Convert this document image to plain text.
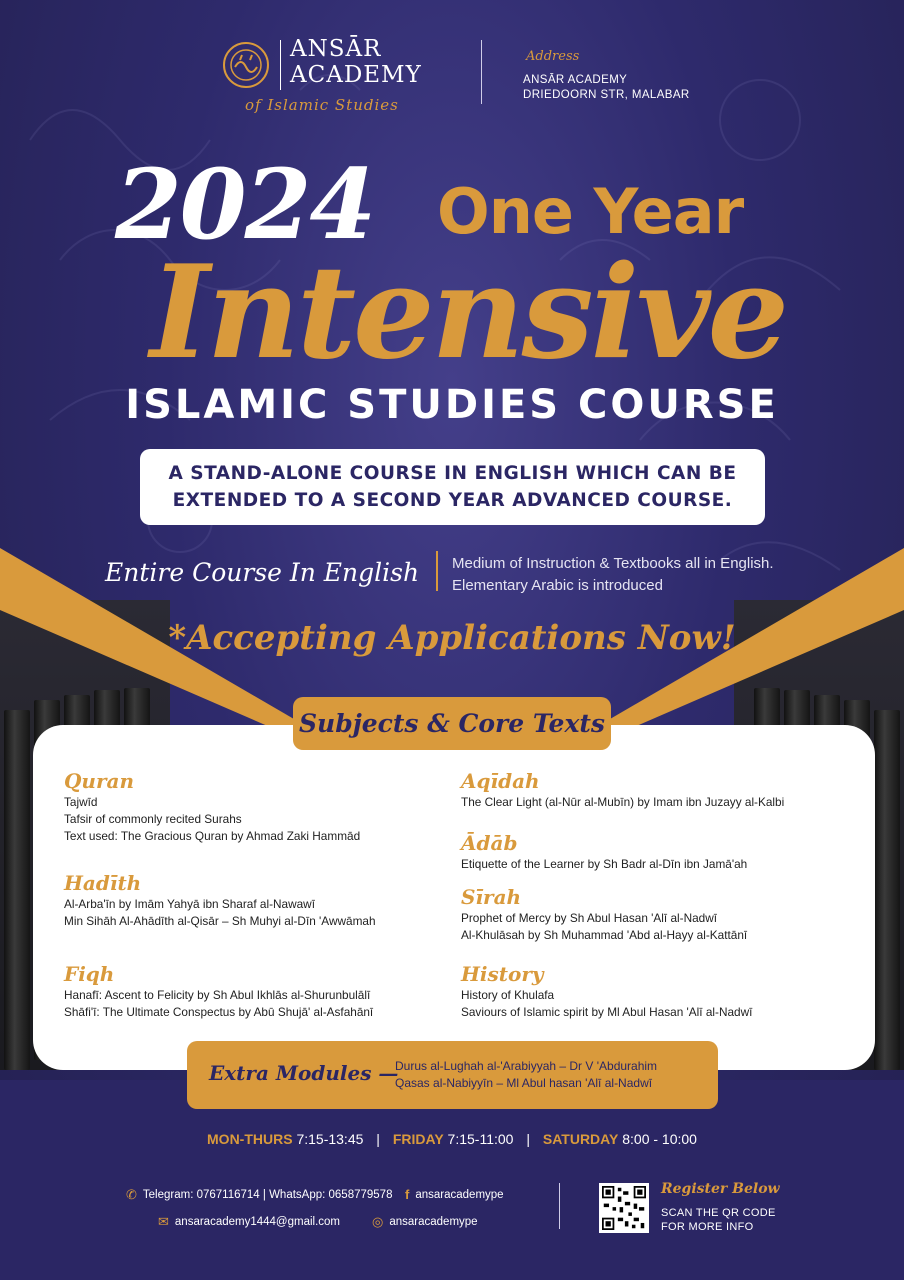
ANSĀR
ACADEMY
of Islamic Studies
Address
ANSĀR ACADEMY
DRIEDOORN STR, MALABAR
2024 One Year
Intensive
ISLAMIC STUDIES COURSE
A STAND-ALONE COURSE IN ENGLISH WHICH CAN BE
EXTENDED TO A SECOND YEAR ADVANCED COURSE.
Entire Course In English Medium of Instruction & Textbooks all in English.
Elementary Arabic is introduced
*Accepting Applications Now!
Subjects & Core Texts
Quran
Tajwīd
Tafsir of commonly recited Surahs
Text used: The Gracious Quran by Ahmad Zaki Hammād
Hadīth
Al-Arba'īn by Imām Yahyā ibn Sharaf al-Nawawī
Min Sihāh Al-Ahādīth al-Qisār – Sh Muhyi al-Dīn 'Awwāmah
Fiqh
Hanafī: Ascent to Felicity by Sh Abul Ikhlās al-Shurunbulālī
Shāfi'ī: The Ultimate Conspectus by Abū Shujā' al-Asfahānī
Aqīdah
The Clear Light (al-Nūr al-Mubīn) by Imam ibn Juzayy al-Kalbi
Ādāb
Etiquette of the Learner by Sh Badr al-Dīn ibn Jamā'ah
Sīrah
Prophet of Mercy by Sh Abul Hasan 'Alī al-Nadwī
Al-Khulāsah by Sh Muhammad 'Abd al-Hayy al-Kattānī
History
History of Khulafa
Saviours of Islamic spirit by Ml Abul Hasan 'Alī al-Nadwī
Extra Modules —
Durus al-Lughah al-'Arabiyyah – Dr V 'Abdurahim
Qasas al-Nabiyyīn – Ml Abul hasan 'Alī al-Nadwī
MON-THURS 7:15-13:45 | FRIDAY 7:15-11:00 | SATURDAY 8:00 - 10:00
✆ Telegram: 0767116714 | WhatsApp: 0658779578 f ansaracademype
✉ ansaracademy1444@gmail.com ◎ ansaracademype
Register Below
SCAN THE QR CODE
FOR MORE INFO
